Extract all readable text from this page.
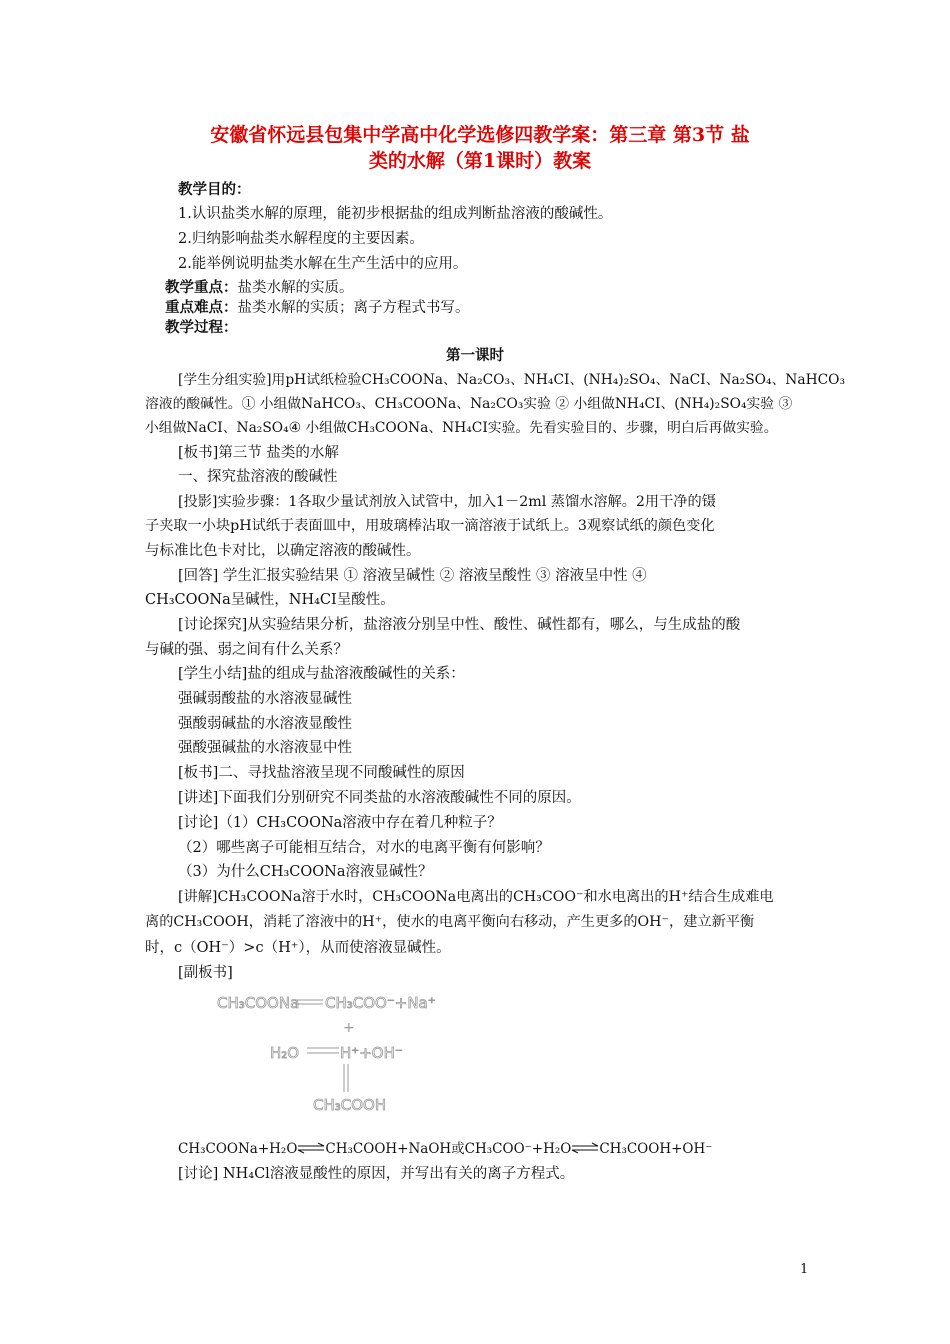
安徽省怀远县包集中学高中化学选修四教学案：第三章 第3节 盐
类的水解（第1课时）教案
教学目的：
1.认识盐类水解的原理，能初步根据盐的组成判断盐溶液的酸碱性。
2.归纳影响盐类水解程度的主要因素。
2.能举例说明盐类水解在生产生活中的应用。
教学重点：盐类水解的实质。
重点难点：盐类水解的实质；离子方程式书写。
教学过程：
第一课时
[学生分组实验]用pH试纸检验CH₃COONa、Na₂CO₃、NH₄CI、(NH₄)₂SO₄、NaCI、Na₂SO₄、NaHCO₃
溶液的酸碱性。① 小组做NaHCO₃、CH₃COONa、Na₂CO₃实验 ② 小组做NH₄CI、(NH₄)₂SO₄实验 ③
小组做NaCI、Na₂SO₄④ 小组做CH₃COONa、NH₄CI实验。先看实验目的、步骤，明白后再做实验。
[板书]第三节 盐类的水解
一、探究盐溶液的酸碱性
[投影]实验步骤：1各取少量试剂放入试管中，加入1－2ml 蒸馏水溶解。2用干净的镊
子夹取一小块pH试纸于表面皿中，用玻璃棒沾取一滴溶液于试纸上。3观察试纸的颜色变化
与标准比色卡对比，以确定溶液的酸碱性。
[回答] 学生汇报实验结果 ① 溶液呈碱性 ② 溶液呈酸性 ③ 溶液呈中性 ④
CH₃COONa呈碱性，NH₄CI呈酸性。
[讨论探究]从实验结果分析，盐溶液分别呈中性、酸性、碱性都有，哪么，与生成盐的酸
与碱的强、弱之间有什么关系？
[学生小结]盐的组成与盐溶液酸碱性的关系：
强碱弱酸盐的水溶液显碱性
强酸弱碱盐的水溶液显酸性
强酸强碱盐的水溶液显中性
[板书]二、寻找盐溶液呈现不同酸碱性的原因
[讲述]下面我们分别研究不同类盐的水溶液酸碱性不同的原因。
[讨论]（1）CH₃COONa溶液中存在着几种粒子？
（2）哪些离子可能相互结合，对水的电离平衡有何影响？
（3）为什么CH₃COONa溶液显碱性？
[讲解]CH₃COONa溶于水时，CH₃COONa电离出的CH₃COO⁻和水电离出的H⁺结合生成难电
离的CH₃COOH，消耗了溶液中的H⁺，使水的电离平衡向右移动，产生更多的OH⁻，建立新平衡
时，c（OH⁻）>c（H⁺），从而使溶液显碱性。
[副板书]
CH₃COONa CH₃COO⁻+Na⁺
+
H₂O	H⁺+OH⁻
CH₃COOH
CH₃COONa+H₂O⇌CH₃COOH+NaOH或CH₃COO⁻+H₂O⇌CH₃COOH+OH⁻
[讨论] NH₄Cl溶液显酸性的原因，并写出有关的离子方程式。
1
